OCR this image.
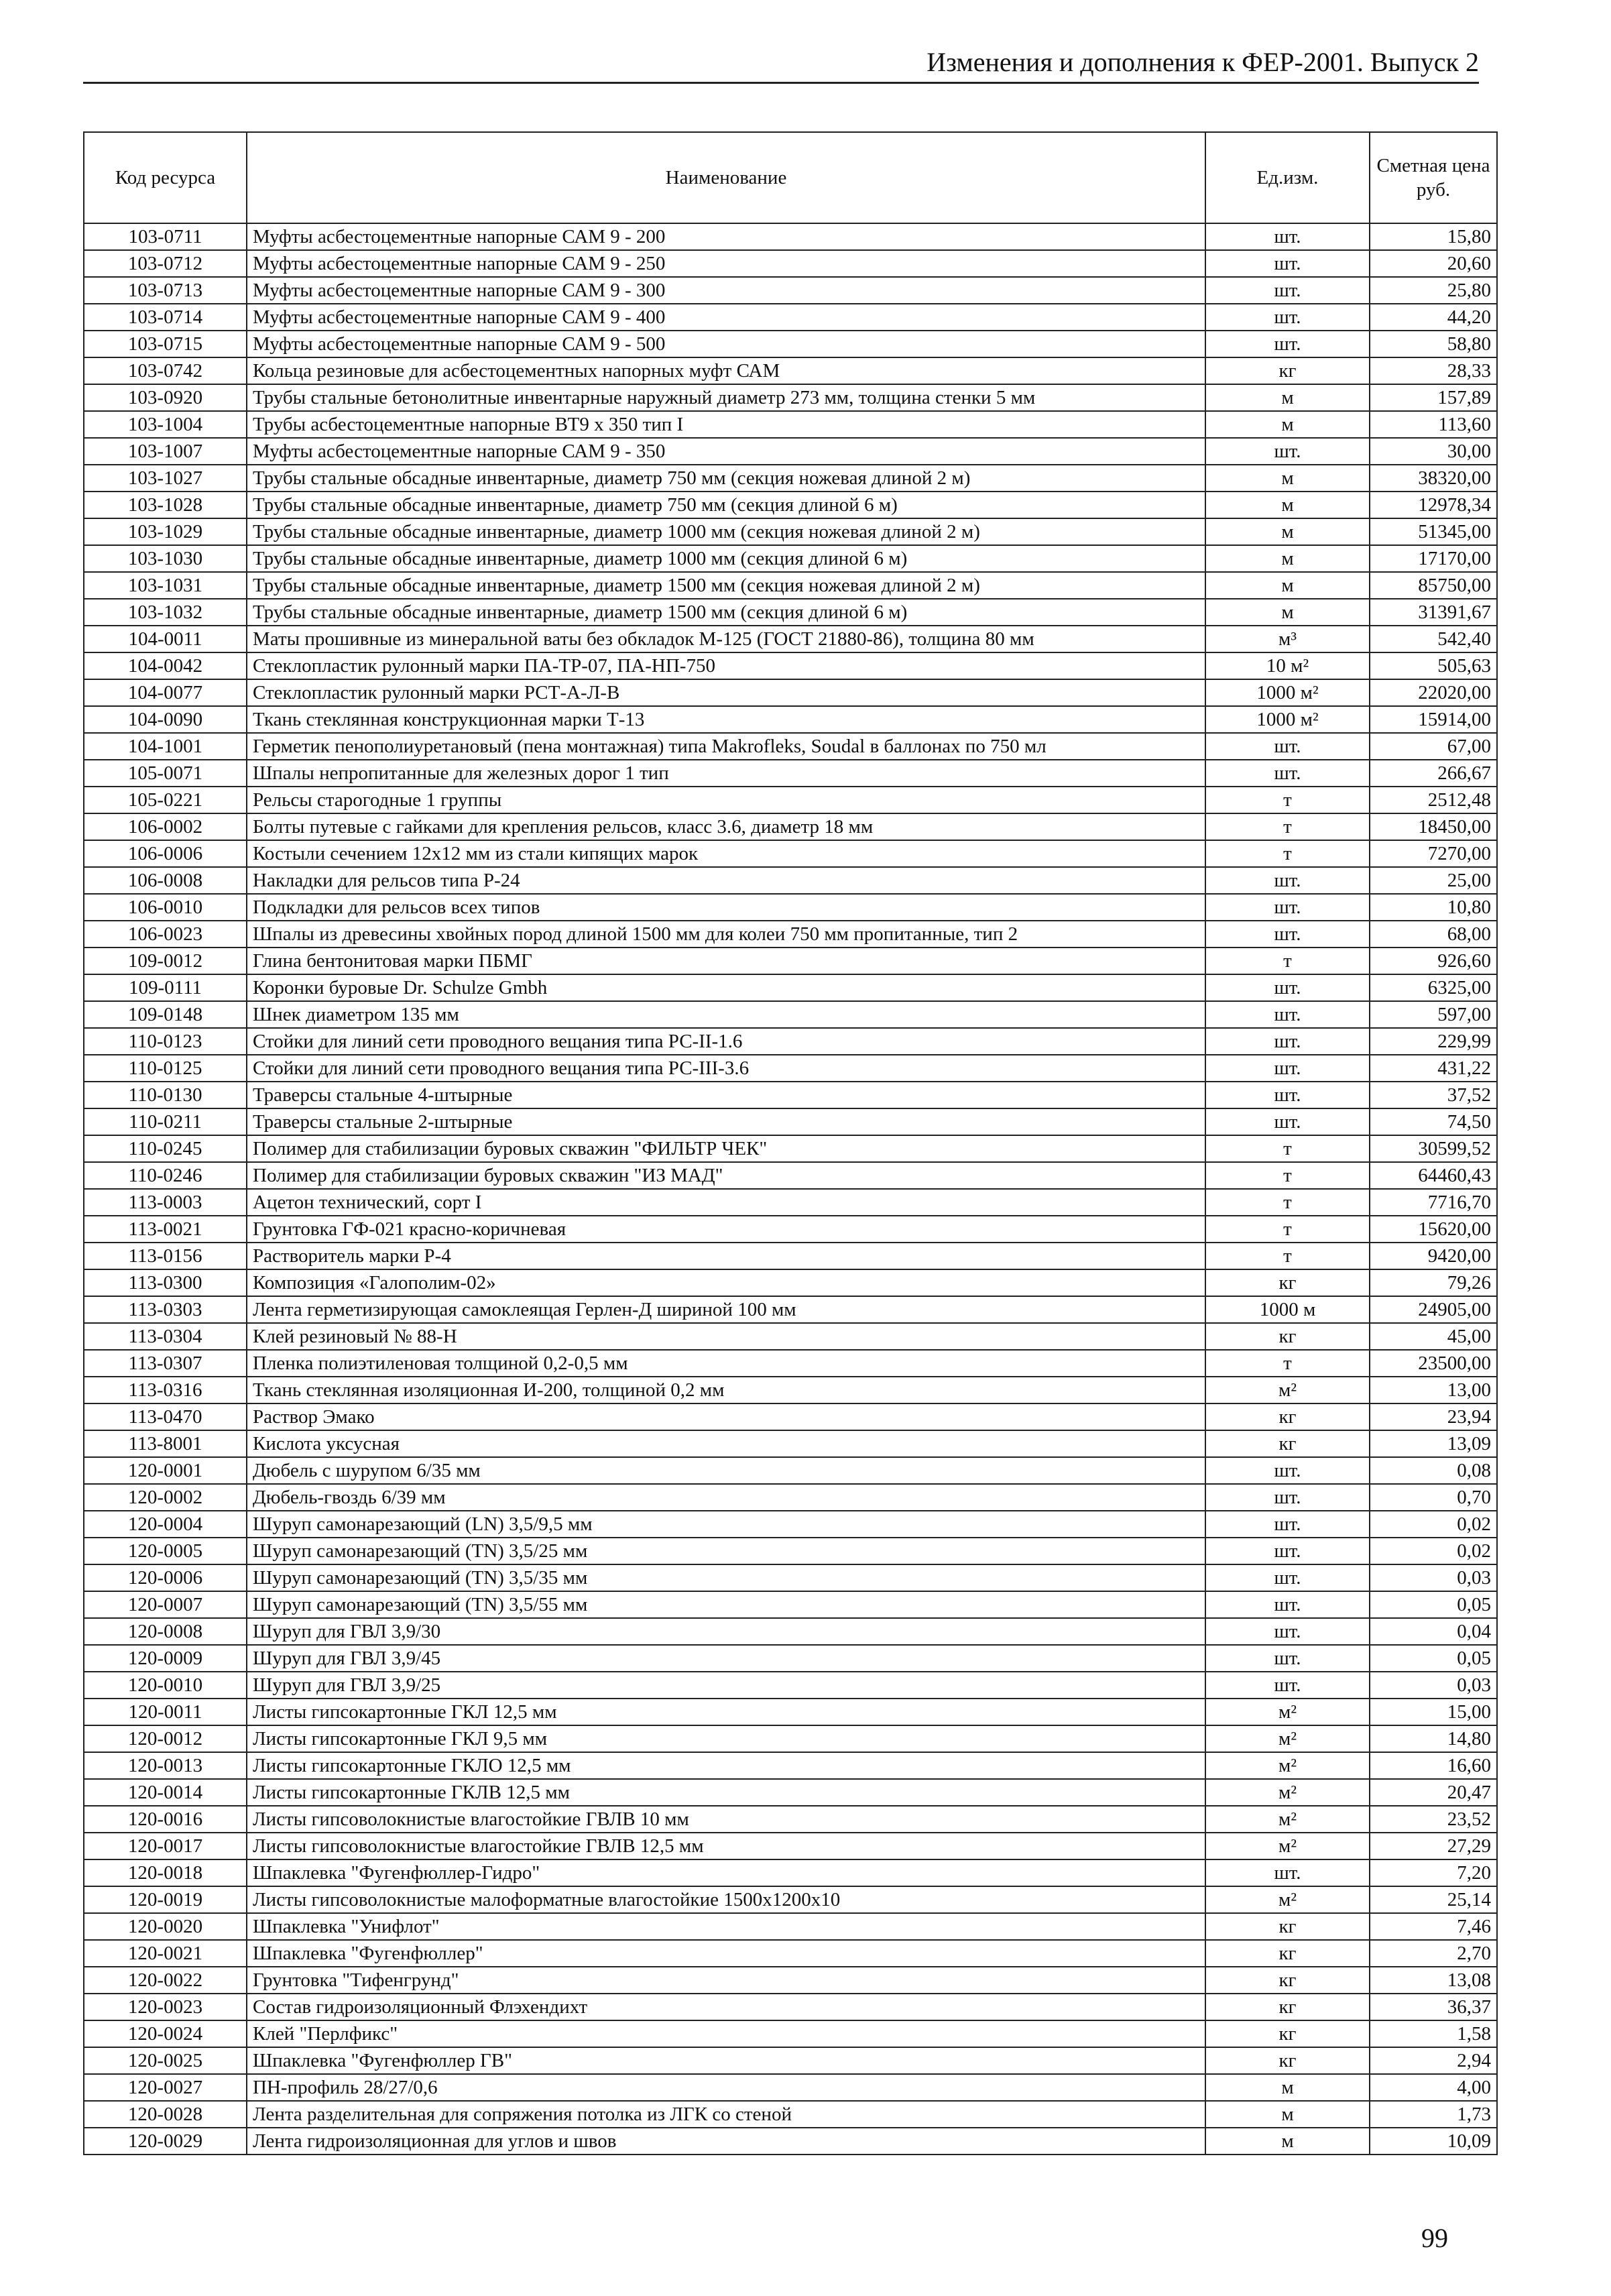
Изменения и дополнения к ФЕР-2001. Выпуск 2
Код ресурса	Наименование	Ед.изм.	Сметная цена руб.
103-0711	Муфты асбестоцементные напорные САМ 9 - 200	шт.	15,80
103-0712	Муфты асбестоцементные напорные САМ 9 - 250	шт.	20,60
103-0713	Муфты асбестоцементные напорные САМ 9 - 300	шт.	25,80
103-0714	Муфты асбестоцементные напорные САМ 9 - 400	шт.	44,20
103-0715	Муфты асбестоцементные напорные САМ 9 - 500	шт.	58,80
103-0742	Кольца резиновые для асбестоцементных напорных муфт САМ	кг	28,33
103-0920	Трубы стальные бетонолитные инвентарные наружный диаметр 273 мм, толщина стенки 5 мм	м	157,89
103-1004	Трубы асбестоцементные напорные ВТ9 х 350 тип I	м	113,60
103-1007	Муфты асбестоцементные напорные САМ 9 - 350	шт.	30,00
103-1027	Трубы стальные обсадные инвентарные, диаметр 750 мм (секция ножевая длиной 2 м)	м	38320,00
103-1028	Трубы стальные обсадные инвентарные, диаметр 750 мм (секция длиной 6 м)	м	12978,34
103-1029	Трубы стальные обсадные инвентарные, диаметр 1000 мм (секция ножевая длиной 2 м)	м	51345,00
103-1030	Трубы стальные обсадные инвентарные, диаметр 1000 мм (секция длиной 6 м)	м	17170,00
103-1031	Трубы стальные обсадные инвентарные, диаметр 1500 мм (секция ножевая длиной 2 м)	м	85750,00
103-1032	Трубы стальные обсадные инвентарные, диаметр 1500 мм (секция длиной 6 м)	м	31391,67
104-0011	Маты прошивные из минеральной ваты без обкладок М-125 (ГОСТ 21880-86), толщина 80 мм	м³	542,40
104-0042	Стеклопластик рулонный марки ПА-ТР-07, ПА-НП-750	10 м²	505,63
104-0077	Стеклопластик рулонный марки РСТ-А-Л-В	1000 м²	22020,00
104-0090	Ткань стеклянная конструкционная марки Т-13	1000 м²	15914,00
104-1001	Герметик пенополиуретановый (пена монтажная) типа Makroflеks, Soudal в баллонах по 750 мл	шт.	67,00
105-0071	Шпалы непропитанные для железных дорог 1 тип	шт.	266,67
105-0221	Рельсы старогодные 1 группы	т	2512,48
106-0002	Болты путевые с гайками для крепления рельсов, класс 3.6, диаметр 18 мм	т	18450,00
106-0006	Костыли сечением 12х12 мм из стали кипящих марок	т	7270,00
106-0008	Накладки для рельсов типа Р-24	шт.	25,00
106-0010	Подкладки для рельсов всех типов	шт.	10,80
106-0023	Шпалы из древесины хвойных пород длиной 1500 мм для колеи 750 мм пропитанные, тип 2	шт.	68,00
109-0012	Глина бентонитовая марки ПБМГ	т	926,60
109-0111	Коронки буровые Dr. Schulze Gmbh	шт.	6325,00
109-0148	Шнек диаметром 135 мм	шт.	597,00
110-0123	Стойки для линий сети проводного вещания типа РС-II-1.6	шт.	229,99
110-0125	Стойки для линий сети проводного вещания типа РС-III-3.6	шт.	431,22
110-0130	Траверсы стальные 4-штырные	шт.	37,52
110-0211	Траверсы стальные 2-штырные	шт.	74,50
110-0245	Полимер для стабилизации буровых скважин "ФИЛЬТР ЧЕК"	т	30599,52
110-0246	Полимер для стабилизации буровых скважин "ИЗ МАД"	т	64460,43
113-0003	Ацетон технический, сорт I	т	7716,70
113-0021	Грунтовка ГФ-021 красно-коричневая	т	15620,00
113-0156	Растворитель марки Р-4	т	9420,00
113-0300	Композиция «Галополим-02»	кг	79,26
113-0303	Лента герметизирующая самоклеящая Герлен-Д шириной 100 мм	1000 м	24905,00
113-0304	Клей резиновый № 88-Н	кг	45,00
113-0307	Пленка полиэтиленовая толщиной 0,2-0,5 мм	т	23500,00
113-0316	Ткань стеклянная изоляционная И-200, толщиной 0,2 мм	м²	13,00
113-0470	Раствор Эмако	кг	23,94
113-8001	Кислота уксусная	кг	13,09
120-0001	Дюбель с шурупом 6/35 мм	шт.	0,08
120-0002	Дюбель-гвоздь 6/39 мм	шт.	0,70
120-0004	Шуруп самонарезающий (LN) 3,5/9,5 мм	шт.	0,02
120-0005	Шуруп самонарезающий (TN) 3,5/25 мм	шт.	0,02
120-0006	Шуруп самонарезающий (TN) 3,5/35 мм	шт.	0,03
120-0007	Шуруп самонарезающий (TN) 3,5/55 мм	шт.	0,05
120-0008	Шуруп для ГВЛ 3,9/30	шт.	0,04
120-0009	Шуруп для ГВЛ 3,9/45	шт.	0,05
120-0010	Шуруп для ГВЛ 3,9/25	шт.	0,03
120-0011	Листы гипсокартонные ГКЛ 12,5 мм	м²	15,00
120-0012	Листы гипсокартонные ГКЛ 9,5 мм	м²	14,80
120-0013	Листы гипсокартонные ГКЛО 12,5 мм	м²	16,60
120-0014	Листы гипсокартонные ГКЛВ 12,5 мм	м²	20,47
120-0016	Листы гипсоволокнистые влагостойкие ГВЛВ 10 мм	м²	23,52
120-0017	Листы гипсоволокнистые влагостойкие ГВЛВ 12,5 мм	м²	27,29
120-0018	Шпаклевка "Фугенфюллер-Гидро"	шт.	7,20
120-0019	Листы гипсоволокнистые малоформатные влагостойкие 1500х1200х10	м²	25,14
120-0020	Шпаклевка "Унифлот"	кг	7,46
120-0021	Шпаклевка "Фугенфюллер"	кг	2,70
120-0022	Грунтовка "Тифенгрунд"	кг	13,08
120-0023	Состав гидроизоляционный Флэхендихт	кг	36,37
120-0024	Клей "Перлфикс"	кг	1,58
120-0025	Шпаклевка "Фугенфюллер ГВ"	кг	2,94
120-0027	ПН-профиль 28/27/0,6	м	4,00
120-0028	Лента разделительная для сопряжения потолка из ЛГК со стеной	м	1,73
120-0029	Лента гидроизоляционная для углов и швов	м	10,09
99
